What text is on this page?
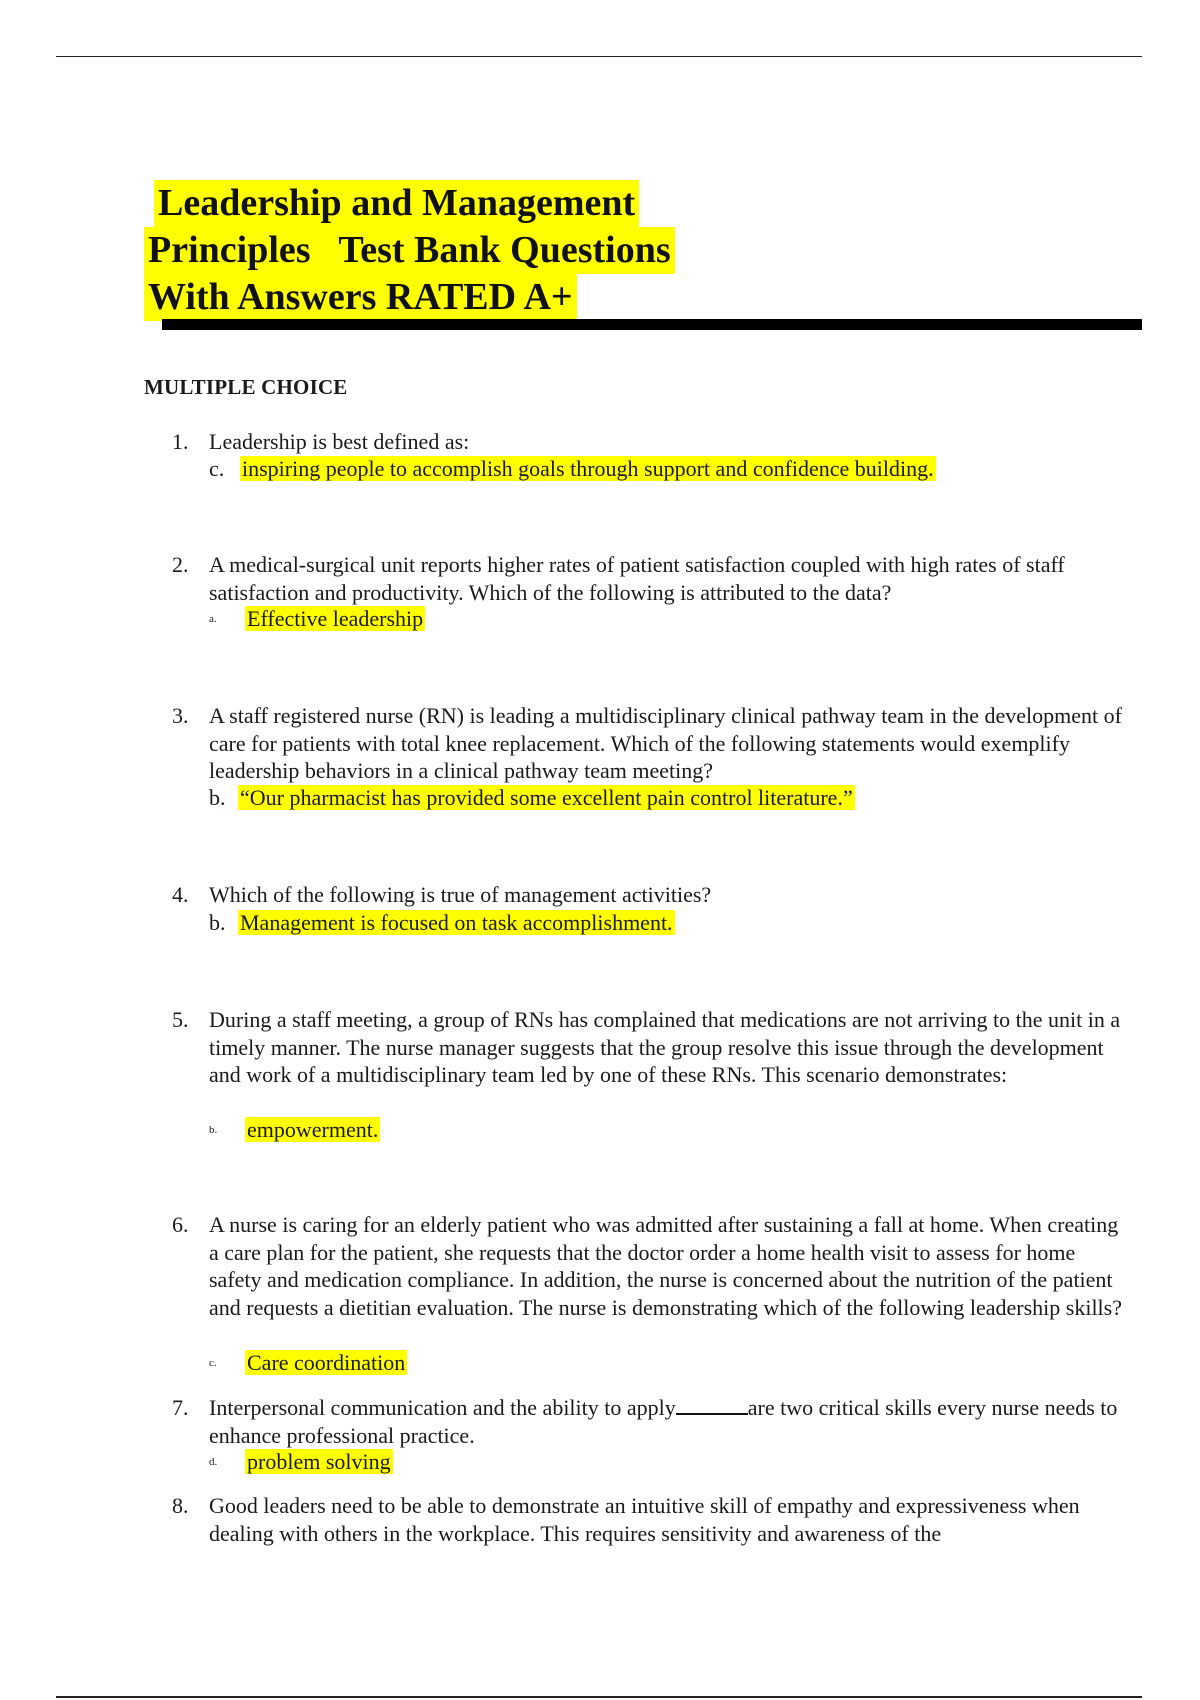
Leadership and Management
Principles   Test Bank Questions
With Answers RATED A+
MULTIPLE CHOICE
1. Leadership is best defined as:
c. inspiring people to accomplish goals through support and confidence building.
2. A medical-surgical unit reports higher rates of patient satisfaction coupled with high rates of staff satisfaction and productivity. Which of the following is attributed to the data?
a. Effective leadership
3. A staff registered nurse (RN) is leading a multidisciplinary clinical pathway team in the development of care for patients with total knee replacement. Which of the following statements would exemplify leadership behaviors in a clinical pathway team meeting?
b. “Our pharmacist has provided some excellent pain control literature.”
4. Which of the following is true of management activities?
b. Management is focused on task accomplishment.
5. During a staff meeting, a group of RNs has complained that medications are not arriving to the unit in a timely manner. The nurse manager suggests that the group resolve this issue through the development and work of a multidisciplinary team led by one of these RNs. This scenario demonstrates:
b. empowerment.
6. A nurse is caring for an elderly patient who was admitted after sustaining a fall at home. When creating a care plan for the patient, she requests that the doctor order a home health visit to assess for home safety and medication compliance. In addition, the nurse is concerned about the nutrition of the patient and requests a dietitian evaluation. The nurse is demonstrating which of the following leadership skills?
c. Care coordination
7. Interpersonal communication and the ability to apply	are two critical skills every nurse needs to enhance professional practice.
d. problem solving
8. Good leaders need to be able to demonstrate an intuitive skill of empathy and expressiveness when dealing with others in the workplace. This requires sensitivity and awareness of the
